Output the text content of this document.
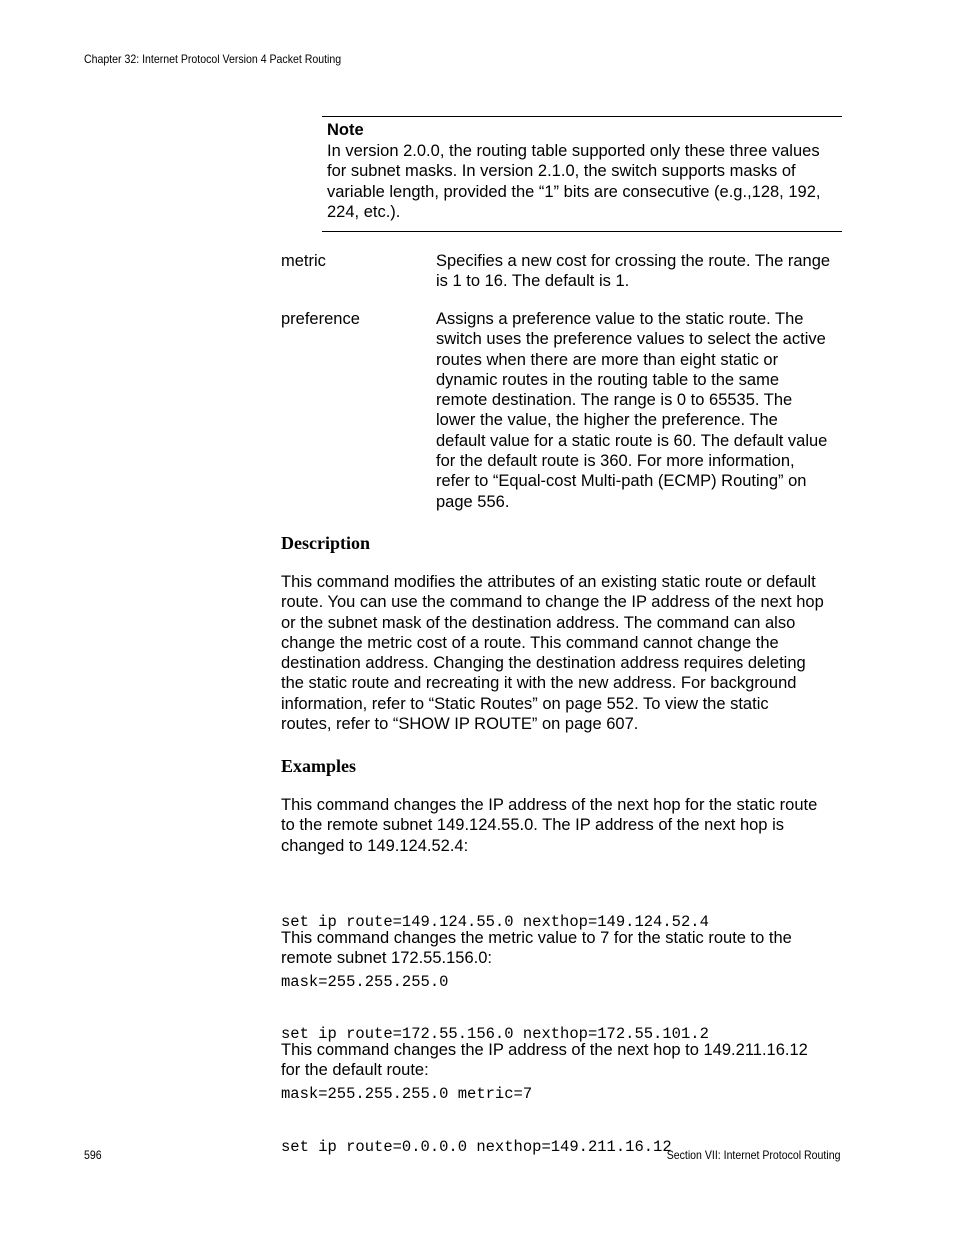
Chapter 32: Internet Protocol Version 4 Packet Routing
Note
In version 2.0.0, the routing table supported only these three values
for subnet masks. In version 2.1.0, the switch supports masks of
variable length, provided the “1” bits are consecutive (e.g.,128, 192,
224, etc.).
metric	Specifies a new cost for crossing the route. The range
is 1 to 16. The default is 1.
preference	Assigns a preference value to the static route. The
switch uses the preference values to select the active
routes when there are more than eight static or
dynamic routes in the routing table to the same
remote destination. The range is 0 to 65535. The
lower the value, the higher the preference. The
default value for a static route is 60. The default value
for the default route is 360. For more information,
refer to “Equal-cost Multi-path (ECMP) Routing” on
page 556.
Description
This command modifies the attributes of an existing static route or default
route. You can use the command to change the IP address of the next hop
or the subnet mask of the destination address. The command can also
change the metric cost of a route. This command cannot change the
destination address. Changing the destination address requires deleting
the static route and recreating it with the new address. For background
information, refer to “Static Routes” on page 552. To view the static
routes, refer to “SHOW IP ROUTE” on page 607.
Examples
This command changes the IP address of the next hop for the static route
to the remote subnet 149.124.55.0. The IP address of the next hop is
changed to 149.124.52.4:

set ip route=149.124.55.0 nexthop=149.124.52.4

mask=255.255.255.0

This command changes the metric value to 7 for the static route to the
remote subnet 172.55.156.0:

set ip route=172.55.156.0 nexthop=172.55.101.2

mask=255.255.255.0 metric=7

This command changes the IP address of the next hop to 149.211.16.12
for the default route:

set ip route=0.0.0.0 nexthop=149.211.16.12

596	Section VII: Internet Protocol Routing
